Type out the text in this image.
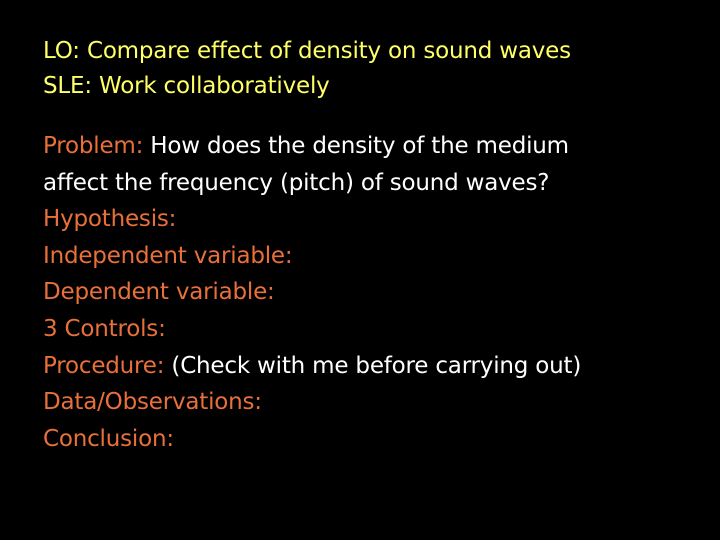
LO: Compare effect of density on sound waves
SLE: Work collaboratively
Problem: How does the density of the medium
affect the frequency (pitch) of sound waves?
Hypothesis:
Independent variable:
Dependent variable:
3 Controls:
Procedure: (Check with me before carrying out)
Data/Observations:
Conclusion:
